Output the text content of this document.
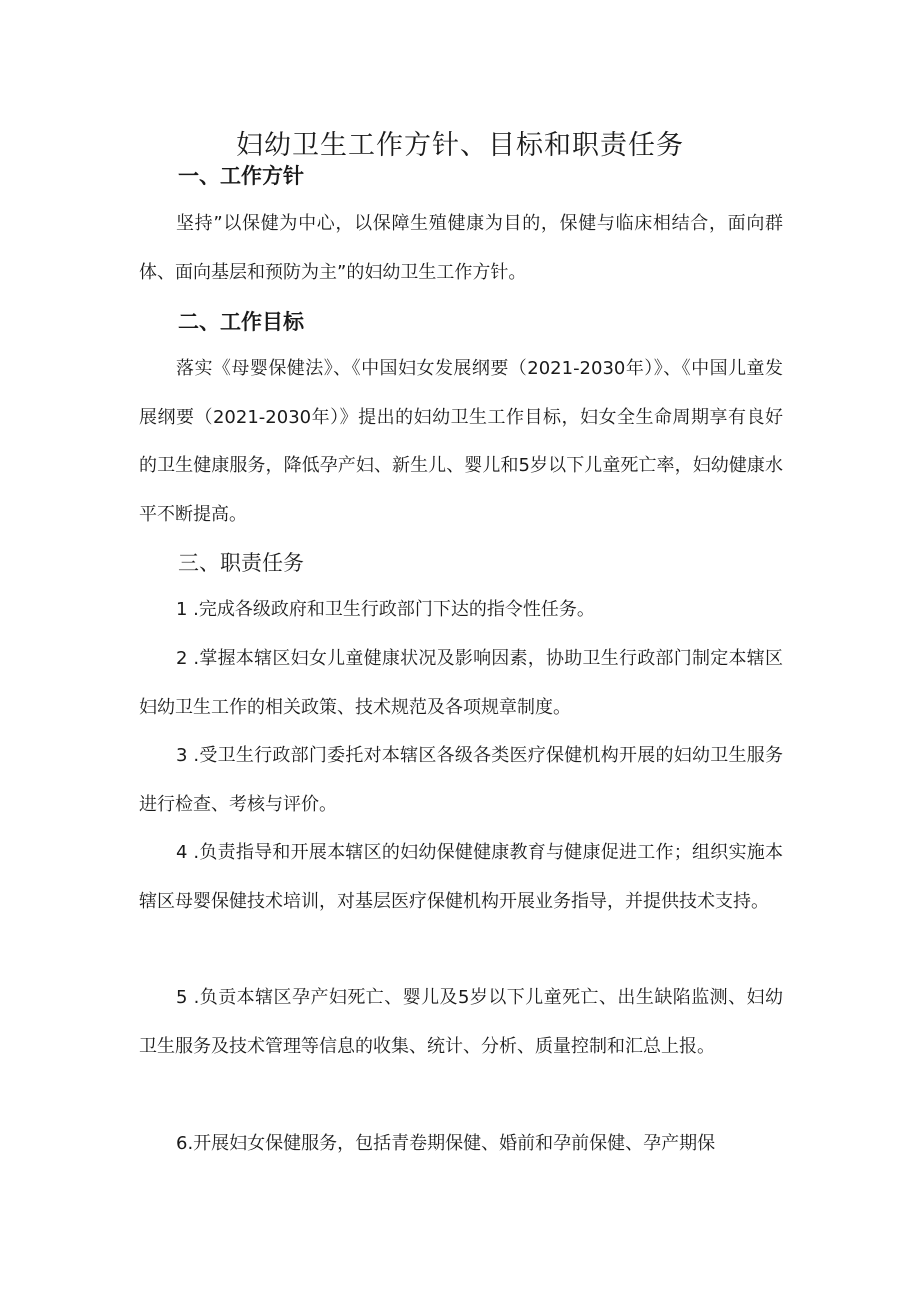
妇幼卫生工作方针、目标和职责任务
一、工作方针

坚持”以保健为中心，以保障生殖健康为目的，保健与临床相结合，面向群体、面向基层和预防为主”的妇幼卫生工作方针。

二、工作目标

落实《母婴保健法》、《中国妇女发展纲要（2021-2030年）》、《中国儿童发展纲要（2021-2030年）》提出的妇幼卫生工作目标，妇女全生命周期享有良好的卫生健康服务，降低孕产妇、新生儿、婴儿和5岁以下儿童死亡率，妇幼健康水平不断提高。

三、职责任务

1 .完成各级政府和卫生行政部门下达的指令性任务。

2 .掌握本辖区妇女儿童健康状况及影响因素，协助卫生行政部门制定本辖区妇幼卫生工作的相关政策、技术规范及各项规章制度。

3 .受卫生行政部门委托对本辖区各级各类医疗保健机构开展的妇幼卫生服务进行检查、考核与评价。

4 .负责指导和开展本辖区的妇幼保健健康教育与健康促进工作；组织实施本辖区母婴保健技术培训，对基层医疗保健机构开展业务指导，并提供技术支持。

5 .负贡本辖区孕产妇死亡、婴儿及5岁以下儿童死亡、出生缺陷监测、妇幼卫生服务及技术管理等信息的收集、统计、分析、质量控制和汇总上报。

6.开展妇女保健服务，包括青卷期保健、婚前和孕前保健、孕产期保
